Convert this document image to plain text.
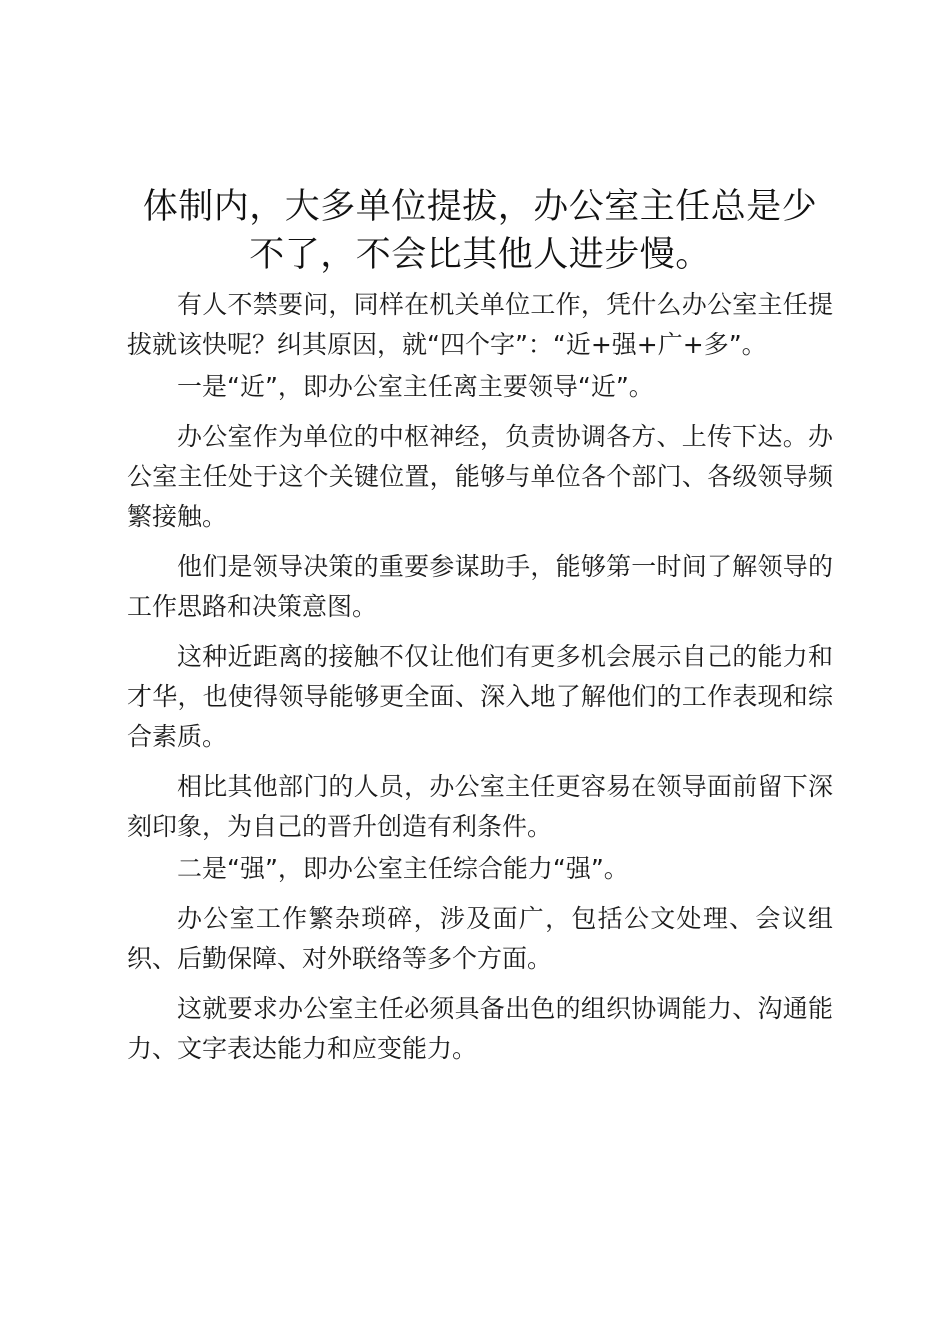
体制内，大多单位提拔，办公室主任总是少不了，不会比其他人进步慢。

有人不禁要问，同样在机关单位工作，凭什么办公室主任提拔就该快呢？纠其原因，就“四个字”：“近+强+广+多”。

一是“近”，即办公室主任离主要领导“近”。

办公室作为单位的中枢神经，负责协调各方、上传下达。办公室主任处于这个关键位置，能够与单位各个部门、各级领导频繁接触。

他们是领导决策的重要参谋助手，能够第一时间了解领导的工作思路和决策意图。

这种近距离的接触不仅让他们有更多机会展示自己的能力和才华，也使得领导能够更全面、深入地了解他们的工作表现和综合素质。

相比其他部门的人员，办公室主任更容易在领导面前留下深刻印象，为自己的晋升创造有利条件。

二是“强”，即办公室主任综合能力“强”。

办公室工作繁杂琐碎，涉及面广，包括公文处理、会议组织、后勤保障、对外联络等多个方面。

这就要求办公室主任必须具备出色的组织协调能力、沟通能力、文字表达能力和应变能力。
